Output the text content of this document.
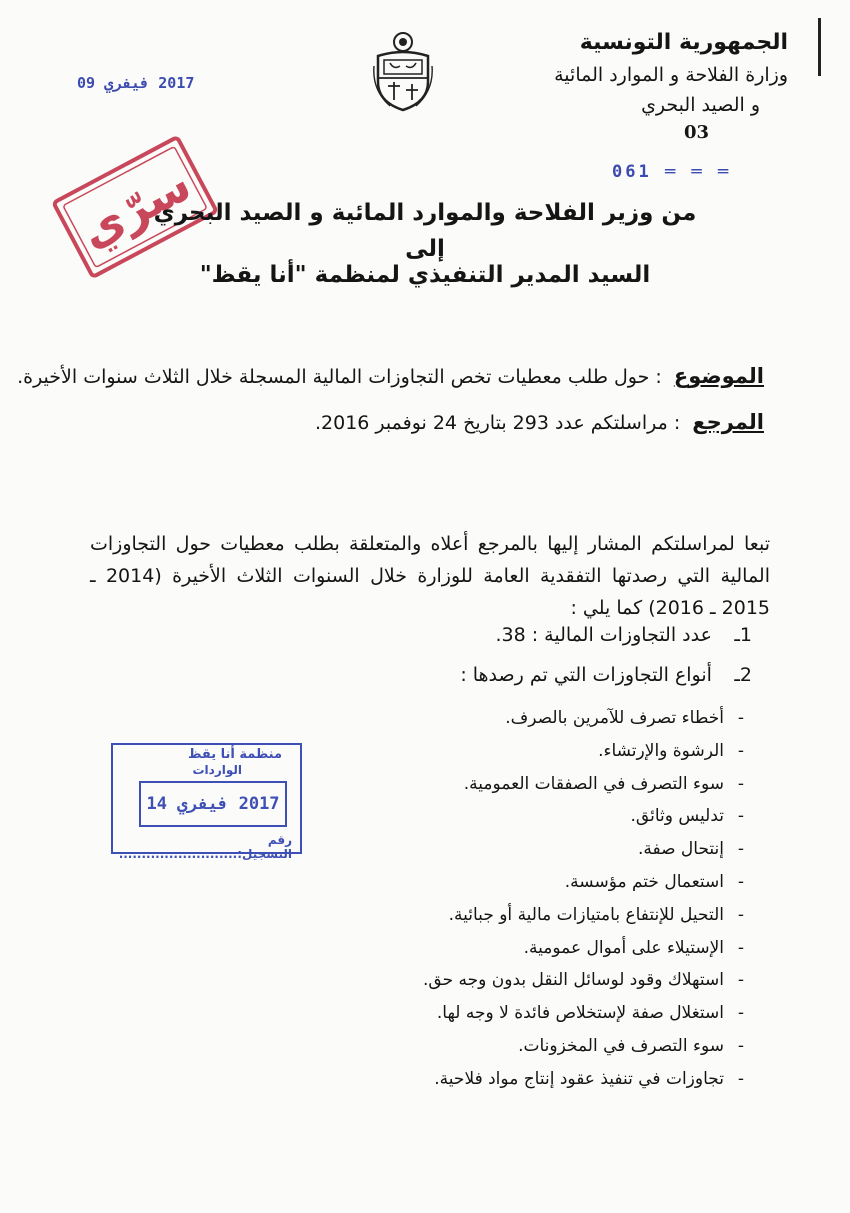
الجمهورية التونسية
وزارة الفلاحة و الموارد المائية
و الصيد البحري
03
061 ═ ═ ═
2017 فيفري 09
سرّي
من وزير الفلاحة والموارد المائية و الصيد البحري
إلى
السيد المدير التنفيذي لمنظمة "أنا يقظ"
الموضوع : حول طلب معطيات تخص التجاوزات المالية المسجلة خلال الثلاث سنوات الأخيرة.
المرجع : مراسلتكم عدد 293 بتاريخ 24 نوفمبر 2016.
تبعا لمراسلتكم المشار إليها بالمرجع أعلاه والمتعلقة بطلب معطيات حول التجاوزات المالية التي رصدتها التفقدية العامة للوزارة خلال السنوات الثلاث الأخيرة (2014 ـ 2015 ـ 2016) كما يلي :
1ـ عدد التجاوزات المالية : 38.
2ـ أنواع التجاوزات التي تم رصدها :
-أخطاء تصرف للآمرين بالصرف.
-الرشوة والإرتشاء.
-سوء التصرف في الصفقات العمومية.
-تدليس وثائق.
-إنتحال صفة.
-استعمال ختم مؤسسة.
-التحيل للإنتفاع بامتيازات مالية أو جبائية.
-الإستيلاء على أموال عمومية.
-استهلاك وقود لوسائل النقل بدون وجه حق.
-استغلال صفة لإستخلاص فائدة لا وجه لها.
-سوء التصرف في المخزونات.
-تجاوزات في تنفيذ عقود إنتاج مواد فلاحية.
منظمة أنا يقظ
الواردات
2017 فيفري 14
رقم التسجيل:..........................
